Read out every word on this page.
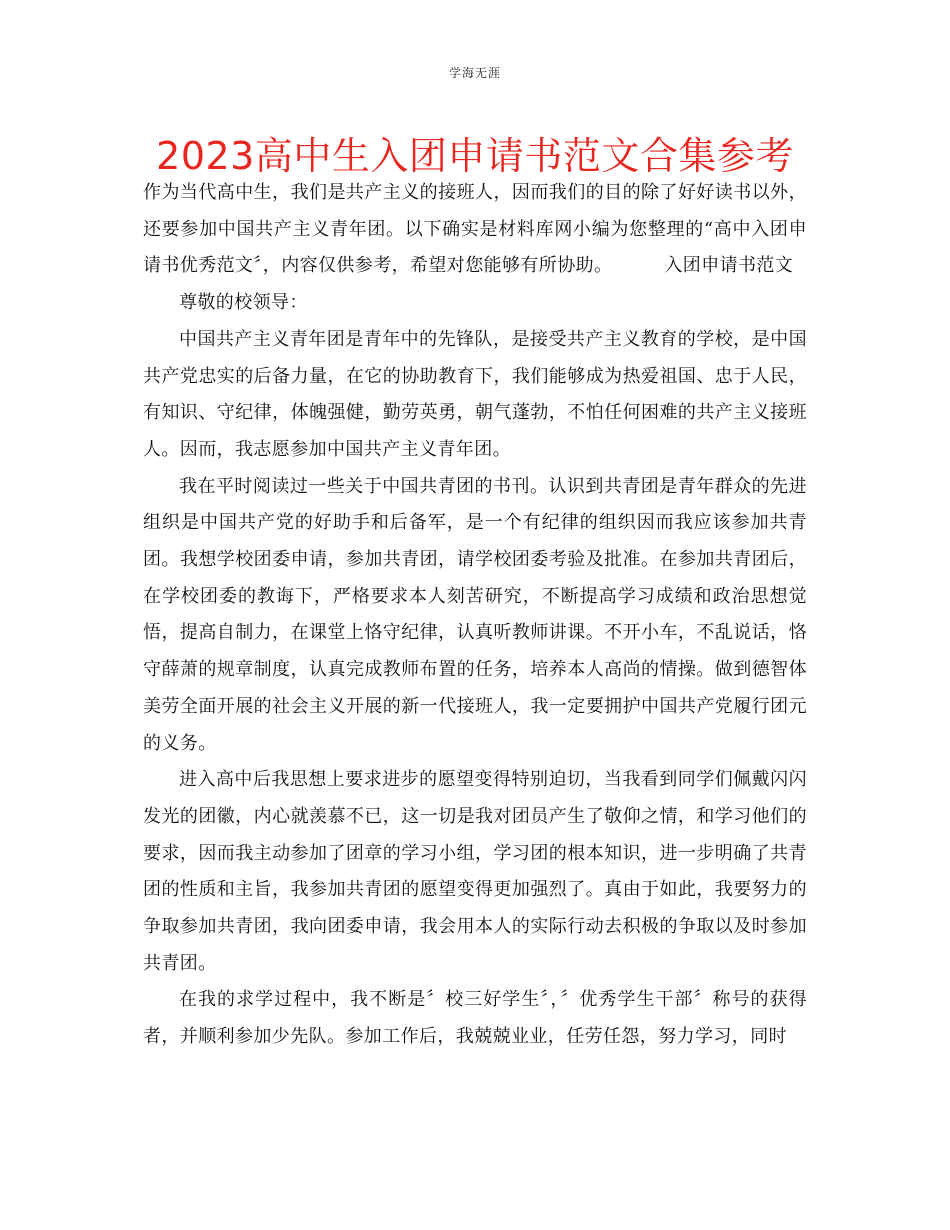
学海无涯
2023高中生入团申请书范文合集参考

作为当代高中生，我们是共产主义的接班人，因而我们的目的除了好好读书以外，还要参加中国共产主义青年团。以下确实是材料库网小编为您整理的“高中入团申请书优秀范文〞，内容仅供参考，希望对您能够有所协助。	入团申请书范文

尊敬的校领导：

中国共产主义青年团是青年中的先锋队，是接受共产主义教育的学校，是中国共产党忠实的后备力量，在它的协助教育下，我们能够成为热爱祖国、忠于人民，有知识、守纪律，体魄强健，勤劳英勇，朝气蓬勃，不怕任何困难的共产主义接班人。因而，我志愿参加中国共产主义青年团。

我在平时阅读过一些关于中国共青团的书刊。认识到共青团是青年群众的先进组织是中国共产党的好助手和后备军，是一个有纪律的组织因而我应该参加共青团。我想学校团委申请，参加共青团，请学校团委考验及批准。在参加共青团后，在学校团委的教诲下，严格要求本人刻苦研究，不断提高学习成绩和政治思想觉悟，提高自制力，在课堂上恪守纪律，认真听教师讲课。不开小车，不乱说话，恪守薛萧的规章制度，认真完成教师布置的任务，培养本人高尚的情操。做到德智体美劳全面开展的社会主义开展的新一代接班人，我一定要拥护中国共产党履行团元的义务。

进入高中后我思想上要求进步的愿望变得特别迫切，当我看到同学们佩戴闪闪发光的团徽，内心就羡慕不已，这一切是我对团员产生了敬仰之情，和学习他们的要求，因而我主动参加了团章的学习小组，学习团的根本知识，进一步明确了共青团的性质和主旨，我参加共青团的愿望变得更加强烈了。真由于如此，我要努力的争取参加共青团，我向团委申请，我会用本人的实际行动去积极的争取以及时参加共青团。

在我的求学过程中，我不断是〞校三好学生〞，〞优秀学生干部〞称号的获得者，并顺利参加少先队。参加工作后，我兢兢业业，任劳任怨，努力学习，同时
